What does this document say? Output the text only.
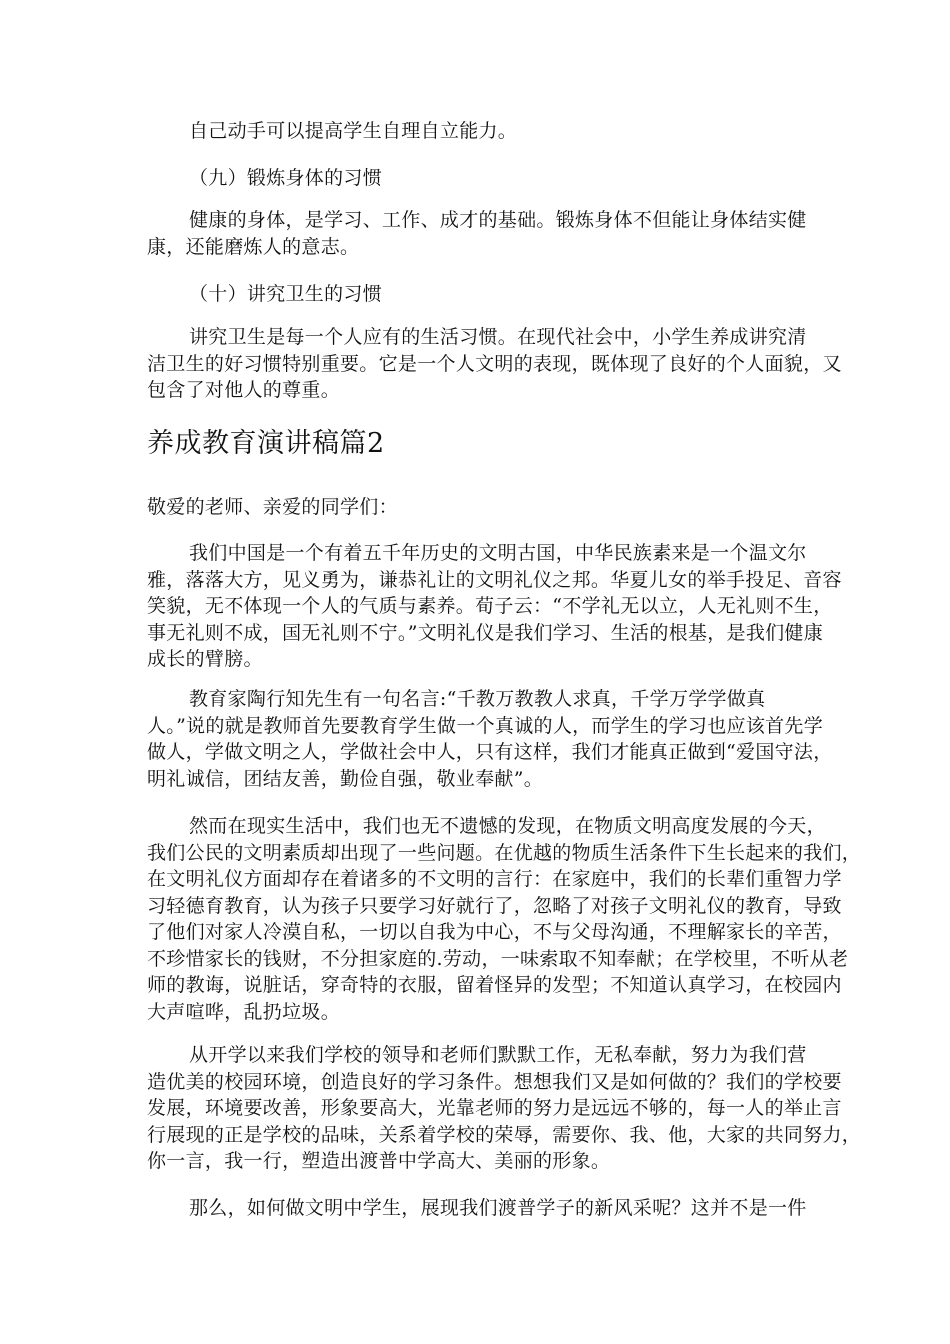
自己动手可以提高学生自理自立能力。

（九）锻炼身体的习惯

健康的身体，是学习、工作、成才的基础。锻炼身体不但能让身体结实健
康，还能磨炼人的意志。

（十）讲究卫生的习惯

讲究卫生是每一个人应有的生活习惯。在现代社会中，小学生养成讲究清
洁卫生的好习惯特别重要。它是一个人文明的表现，既体现了良好的个人面貌，又
包含了对他人的尊重。

养成教育演讲稿篇2

敬爱的老师、亲爱的同学们：

我们中国是一个有着五千年历史的文明古国，中华民族素来是一个温文尔
雅，落落大方，见义勇为，谦恭礼让的文明礼仪之邦。华夏儿女的举手投足、音容
笑貌，无不体现一个人的气质与素养。荀子云：“不学礼无以立，人无礼则不生，
事无礼则不成，国无礼则不宁。”文明礼仪是我们学习、生活的根基，是我们健康
成长的臂膀。

教育家陶行知先生有一句名言:“千教万教教人求真，千学万学学做真
人。”说的就是教师首先要教育学生做一个真诚的人，而学生的学习也应该首先学
做人，学做文明之人，学做社会中人，只有这样，我们才能真正做到“爱国守法，
明礼诚信，团结友善，勤俭自强，敬业奉献”。

然而在现实生活中，我们也无不遗憾的发现，在物质文明高度发展的今天，
我们公民的文明素质却出现了一些问题。在优越的物质生活条件下生长起来的我们，
在文明礼仪方面却存在着诸多的不文明的言行：在家庭中，我们的长辈们重智力学
习轻德育教育，认为孩子只要学习好就行了，忽略了对孩子文明礼仪的教育，导致
了他们对家人冷漠自私，一切以自我为中心，不与父母沟通，不理解家长的辛苦，
不珍惜家长的钱财，不分担家庭的.劳动，一味索取不知奉献；在学校里，不听从老
师的教诲，说脏话，穿奇特的衣服，留着怪异的发型；不知道认真学习，在校园内
大声喧哗，乱扔垃圾。

从开学以来我们学校的领导和老师们默默工作，无私奉献，努力为我们营
造优美的校园环境，创造良好的学习条件。想想我们又是如何做的？我们的学校要
发展，环境要改善，形象要高大，光靠老师的努力是远远不够的，每一人的举止言
行展现的正是学校的品味，关系着学校的荣辱，需要你、我、他，大家的共同努力，
你一言，我一行，塑造出渡普中学高大、美丽的形象。

那么，如何做文明中学生，展现我们渡普学子的新风采呢？这并不是一件
